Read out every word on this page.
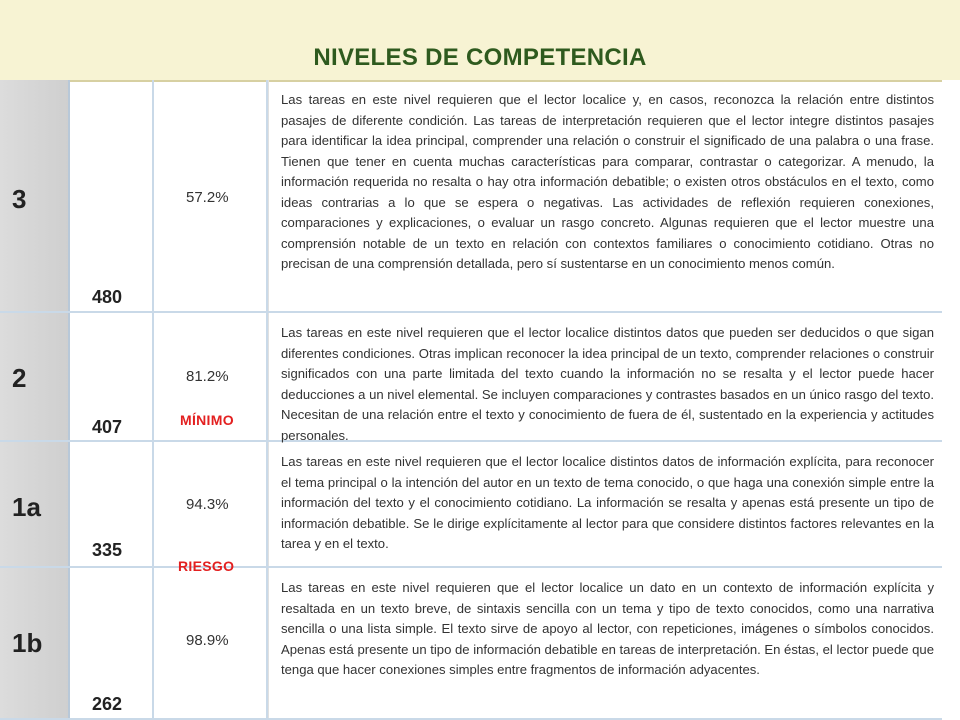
NIVELES DE COMPETENCIA
3
480
57.2%
Las tareas en este nivel requieren que el lector localice y, en casos, reconozca la relación entre distintos pasajes de diferente condición. Las tareas de interpretación requieren que el lector integre distintos pasajes para identificar la idea principal, comprender una relación o construir el significado de una palabra o una frase. Tienen que tener en cuenta muchas características para comparar, contrastar o categorizar. A menudo, la información requerida no resalta o hay otra información debatible; o existen otros obstáculos en el texto, como ideas contrarias a lo que se espera o negativas. Las actividades de reflexión requieren conexiones, comparaciones y explicaciones, o evaluar un rasgo concreto. Algunas requieren que el lector muestre una comprensión notable de un texto en relación con contextos familiares o conocimiento cotidiano. Otras no precisan de una comprensión detallada, pero sí sustentarse en un conocimiento menos común.
2
407
81.2%
MÍNIMO
Las tareas en este nivel requieren que el lector localice distintos datos que pueden ser deducidos o que sigan diferentes condiciones. Otras implican reconocer la idea principal de un texto, comprender relaciones o construir significados con una parte limitada del texto cuando la información no se resalta y el lector puede hacer deducciones a un nivel elemental. Se incluyen comparaciones y contrastes basados en un único rasgo del texto. Necesitan de una relación entre el texto y conocimiento de fuera de él, sustentado en la experiencia y actitudes personales.
1a
335
94.3%
RIESGO
Las tareas en este nivel requieren que el lector localice distintos datos de información explícita, para reconocer el tema principal o la intención del autor en un texto de tema conocido, o que haga una conexión simple entre la información del texto y el conocimiento cotidiano. La información se resalta y apenas está presente un tipo de información debatible. Se le dirige explícitamente al lector para que considere distintos factores relevantes en la tarea y en el texto.
1b
262
98.9%
Las tareas en este nivel requieren que el lector localice un dato en un contexto de información explícita y resaltada en un texto breve, de sintaxis sencilla con un tema y tipo de texto conocidos, como una narrativa sencilla o una lista simple. El texto sirve de apoyo al lector, con repeticiones, imágenes o símbolos conocidos. Apenas está presente un tipo de información debatible en tareas de interpretación. En éstas, el lector puede que tenga que hacer conexiones simples entre fragmentos de información adyacentes.
